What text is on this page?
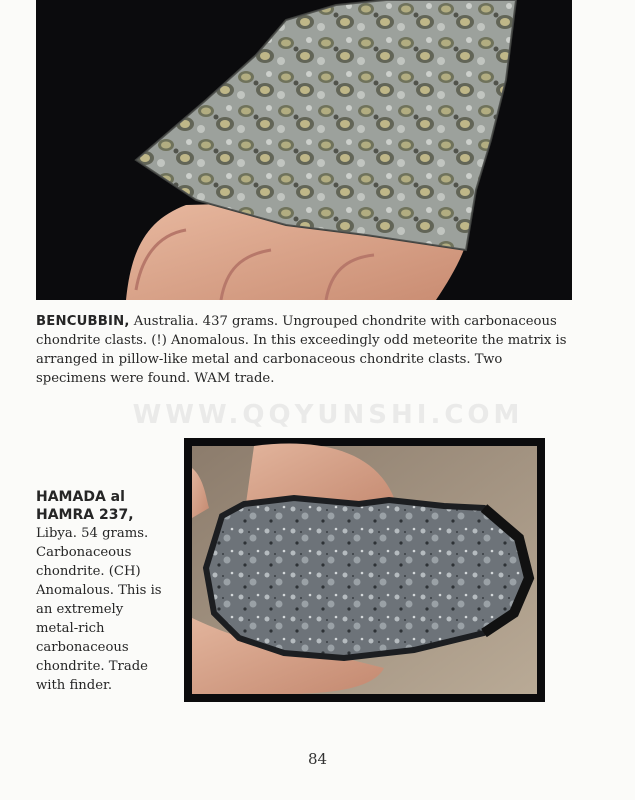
BENCUBBIN, Australia. 437 grams. Ungrouped chondrite with carbonaceous chondrite clasts. (!) Anomalous. In this exceedingly odd meteorite the matrix is arranged in pillow-like metal and carbonaceous chondrite clasts. Two specimens were found. WAM trade.
WWW.QQYUNSHI.COM
HAMADA al HAMRA 237,
Libya. 54 grams. Carbonaceous chondrite. (CH) Anomalous. This is an extremely metal-rich carbonaceous chondrite. Trade with finder.
84
